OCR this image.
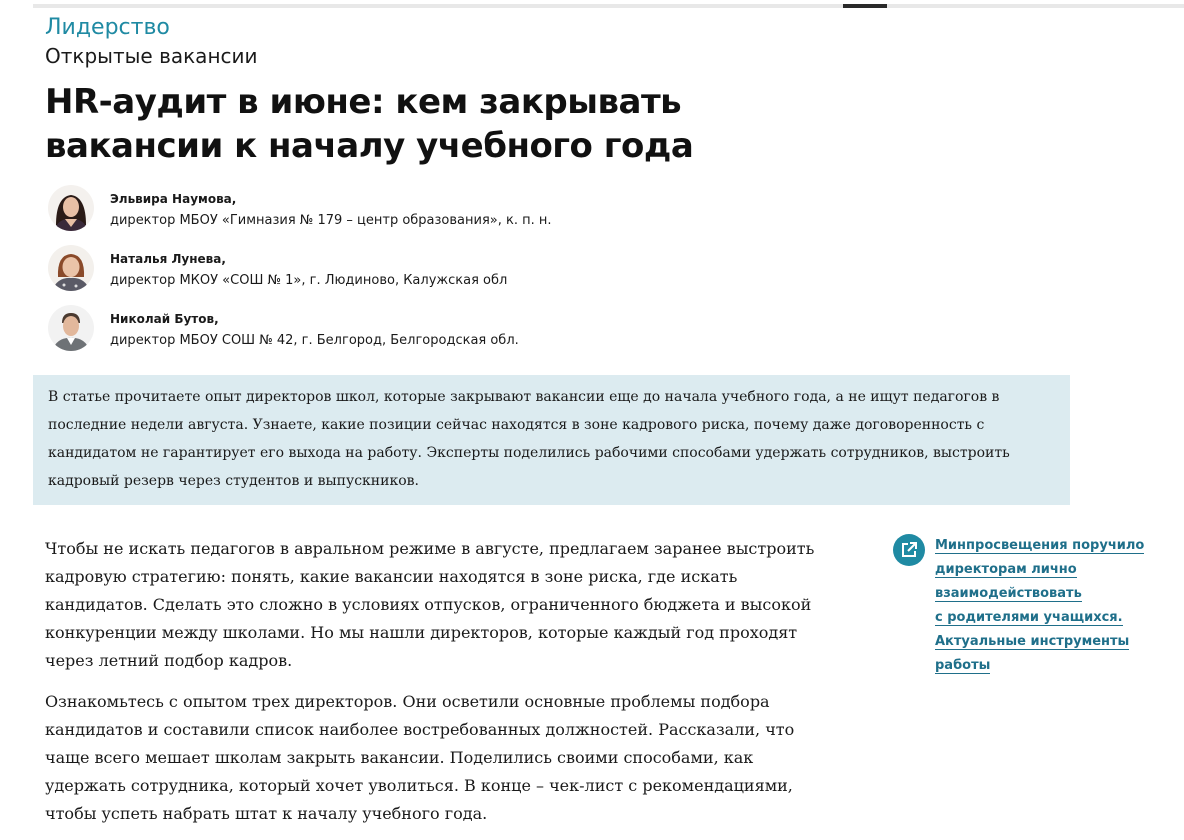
Лидерство
Открытые вакансии
HR-аудит в июне: кем закрывать вакансии к началу учебного года
Эльвира Наумова,
директор МБОУ «Гимназия № 179 – центр образования», к. п. н.
Наталья Лунева,
директор МКОУ «СОШ № 1», г. Людиново, Калужская обл
Николай Бутов,
директор МБОУ СОШ № 42, г. Белгород, Белгородская обл.

В статье прочитаете опыт директоров школ, которые закрывают вакансии еще до начала учебного года, а не ищут педагогов в последние недели августа. Узнаете, какие позиции сейчас находятся в зоне кадрового риска, почему даже договоренность с кандидатом не гарантирует его выхода на работу. Эксперты поделились рабочими способами удержать сотрудников, выстроить кадровый резерв через студентов и выпускников.

Чтобы не искать педагогов в авральном режиме в августе, предлагаем заранее выстроить кадровую стратегию: понять, какие вакансии находятся в зоне риска, где искать кандидатов. Сделать это сложно в условиях отпусков, ограниченного бюджета и высокой конкуренции между школами. Но мы нашли директоров, которые каждый год проходят через летний подбор кадров.

Ознакомьтесь с опытом трех директоров. Они осветили основные проблемы подбора кандидатов и составили список наиболее востребованных должностей. Рассказали, что чаще всего мешает школам закрыть вакансии. Поделились своими способами, как удержать сотрудника, который хочет уволиться. В конце – чек-лист с рекомендациями, чтобы успеть набрать штат к началу учебного года.

Минпросвещения поручило
директорам лично
взаимодействовать
с родителями учащихся.
Актуальные инструменты
работы
